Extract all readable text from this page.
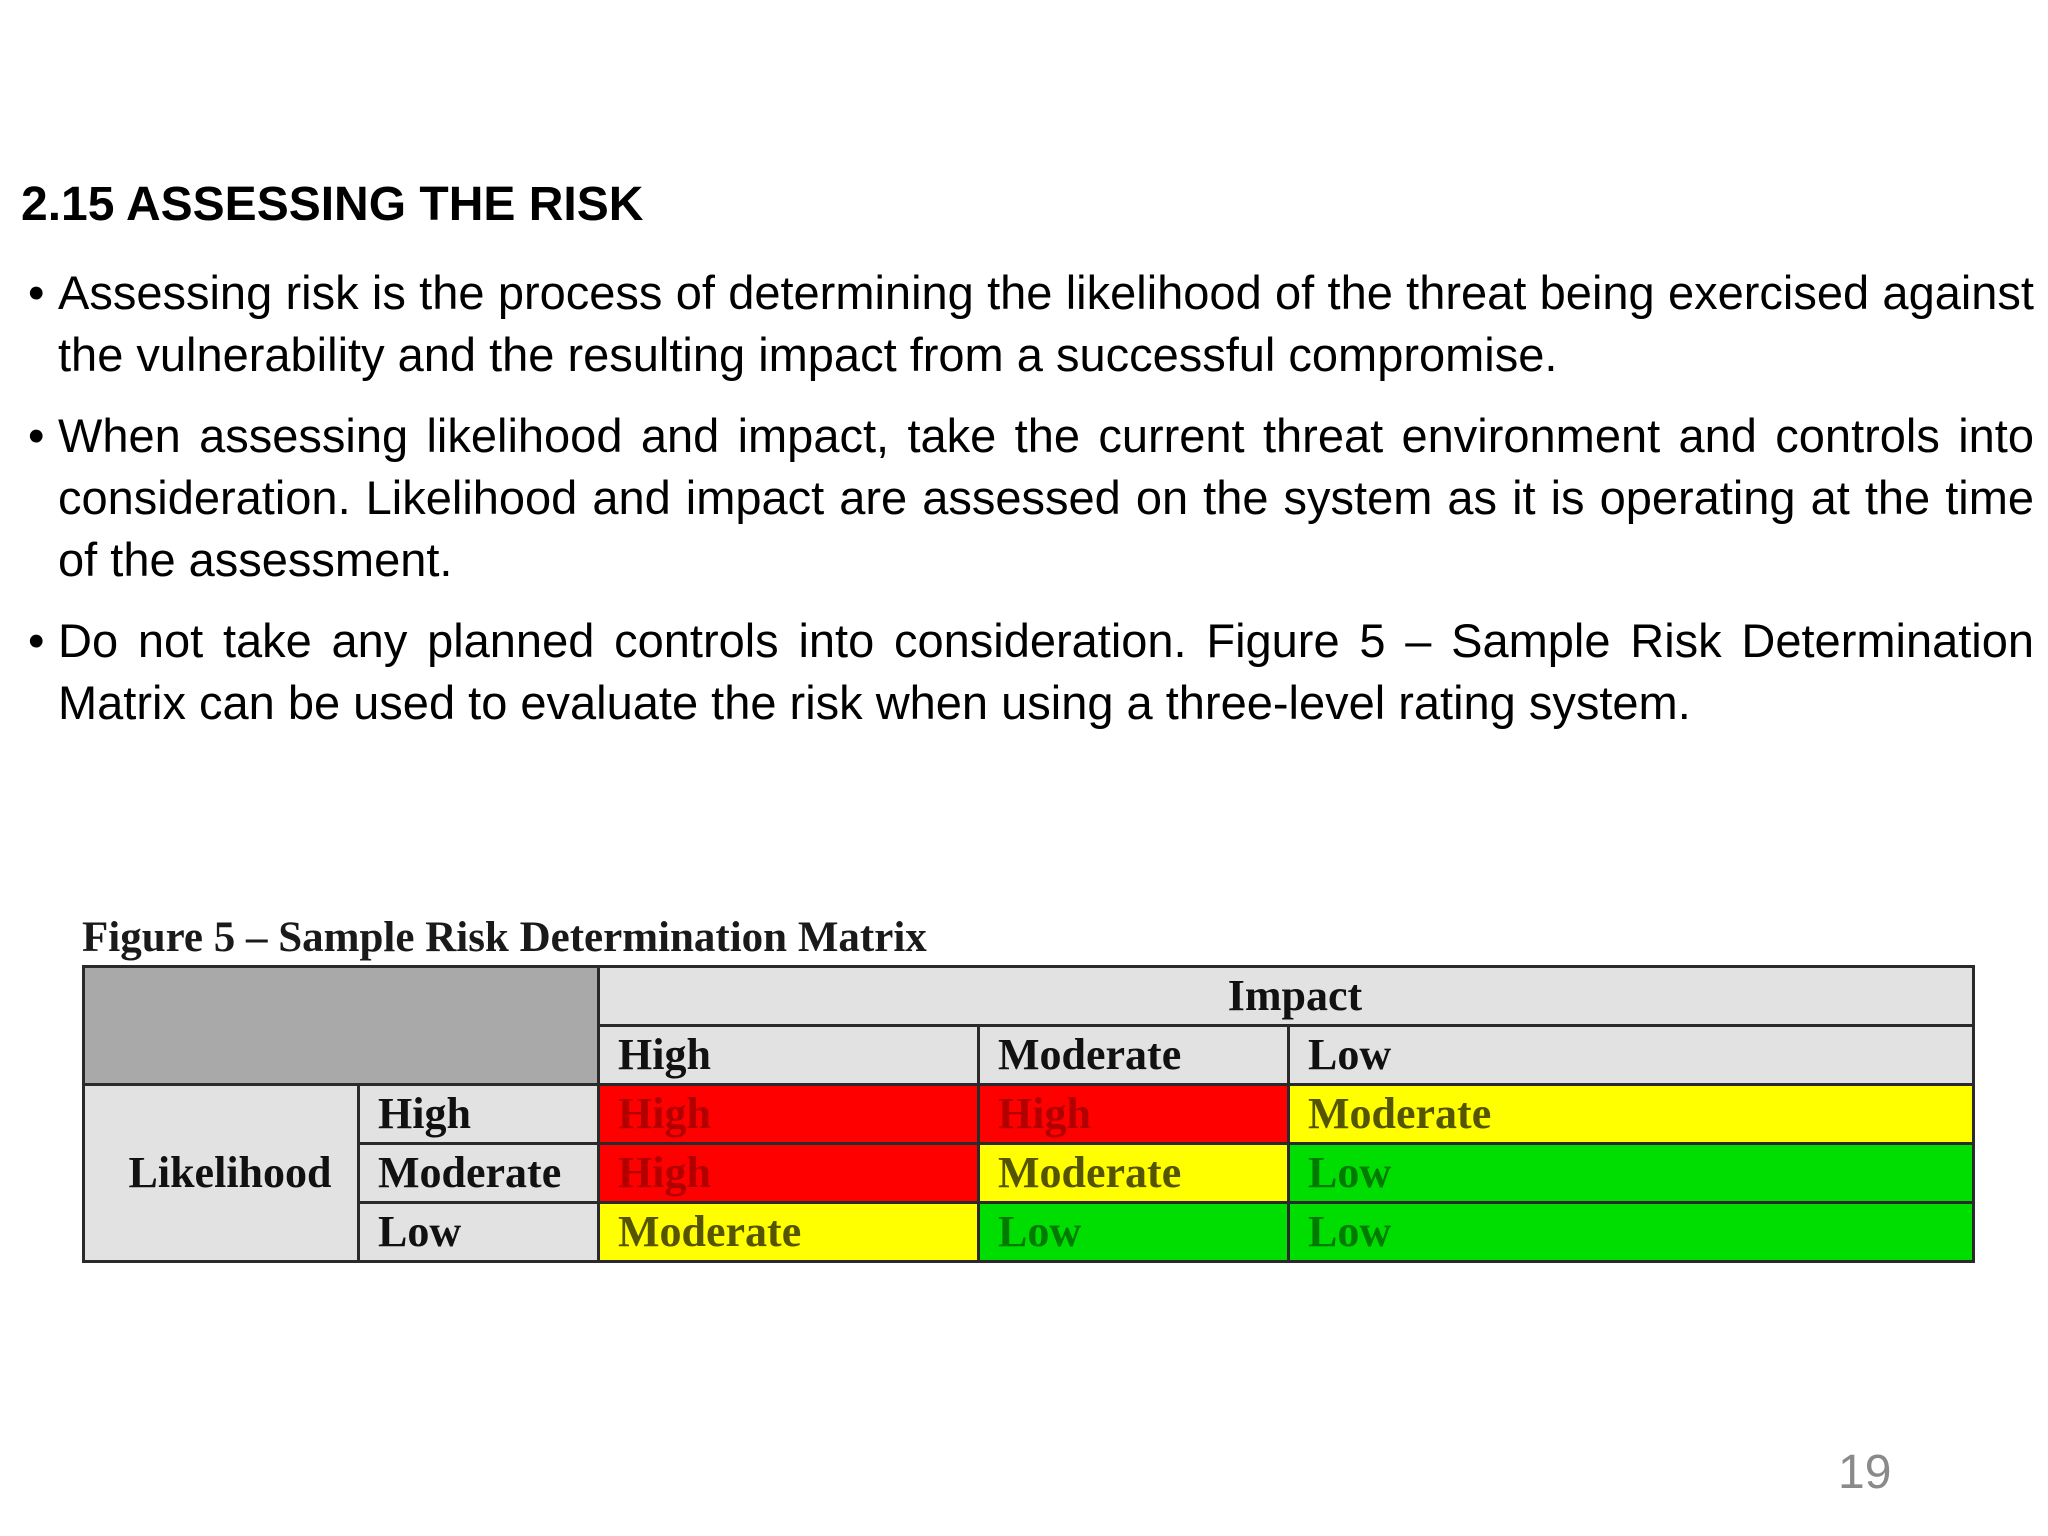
2.15 ASSESSING THE RISK
• Assessing risk is the process of determining the likelihood of the threat being exercised against the vulnerability and the resulting impact from a successful compromise.
• When assessing likelihood and impact, take the current threat environment and controls into consideration. Likelihood and impact are assessed on the system as it is operating at the time of the assessment.
• Do not take any planned controls into consideration. Figure 5 – Sample Risk Determination Matrix can be used to evaluate the risk when using a three-level rating system.
Figure 5 – Sample Risk Determination Matrix
		Impact		
		High	Moderate	Low
Likelihood	High	High	High	Moderate
	Moderate	High	Moderate	Low
	Low	Moderate	Low	Low
19
